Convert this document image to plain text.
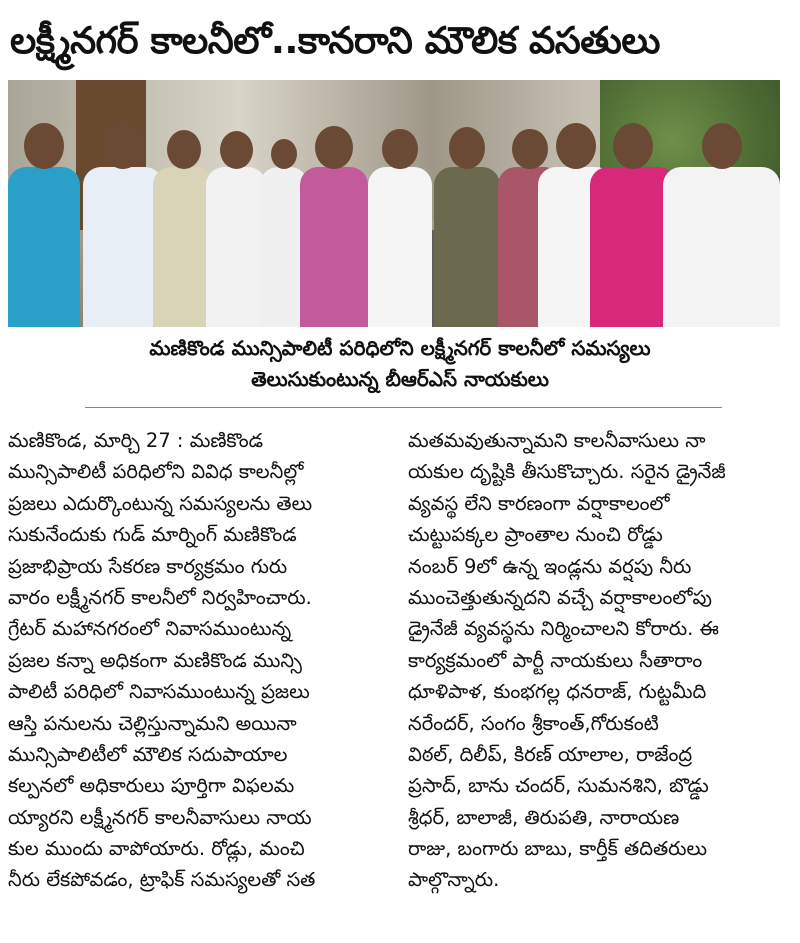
లక్ష్మీనగర్ కాలనీలో..కానరాని మౌలిక వసతులు
మణికొండ మున్సిపాలిటీ పరిధిలోని లక్ష్మీనగర్ కాలనీలో సమస్యలు
తెలుసుకుంటున్న బీఆర్ఎస్ నాయకులు
మణికొండ, మార్చి 27 : మణికొండ
మున్సిపాలిటీ పరిధిలోని వివిధ కాలనీల్లో
ప్రజలు ఎదుర్కొంటున్న సమస్యలను తెలు
సుకునేందుకు గుడ్ మార్నింగ్ మణికొండ
ప్రజాభిప్రాయ సేకరణ కార్యక్రమం గురు
వారం లక్ష్మీనగర్ కాలనీలో నిర్వహించారు.
గ్రేటర్ మహానగరంలో నివాసముంటున్న
ప్రజల కన్నా అధికంగా మణికొండ మున్సి
పాలిటీ పరిధిలో నివాసముంటున్న ప్రజలు
ఆస్తి పనులను చెల్లిస్తున్నామని అయినా
మున్సిపాలిటీలో మౌలిక సదుపాయాల
కల్పనలో అధికారులు పూర్తిగా విఫలమ
య్యారని లక్ష్మీనగర్ కాలనీవాసులు నాయ
కుల ముందు వాపోయారు. రోడ్లు, మంచి
నీరు లేకపోవడం, ట్రాఫిక్ సమస్యలతో సత
మతమవుతున్నామని కాలనీవాసులు నా
యకుల దృష్టికి తీసుకొచ్చారు. సరైన డ్రైనేజీ
వ్యవస్థ లేని కారణంగా వర్షాకాలంలో
చుట్టుపక్కల ప్రాంతాల నుంచి రోడ్డు
నంబర్ 9లో ఉన్న ఇండ్లను వర్షపు నీరు
ముంచెత్తుతున్నదని వచ్చే వర్షాకాలంలోపు
డ్రైనేజీ వ్యవస్థను నిర్మించాలని కోరారు. ఈ
కార్యక్రమంలో పార్టీ నాయకులు సీతారాం
ధూళిపాళ, కుంభగల్ల ధనరాజ్, గుట్టమీది
నరేందర్, సంగం శ్రీకాంత్,గోరుకంటి
విఠల్, దిలీప్, కిరణ్ యాలాల, రాజేంద్ర
ప్రసాద్, బాను చందర్, సుమనశిని, బొడ్డు
శ్రీధర్, బాలాజీ, తిరుపతి, నారాయణ
రాజు, బంగారు బాబు, కార్తీక్ తదితరులు
పాల్గొన్నారు.
